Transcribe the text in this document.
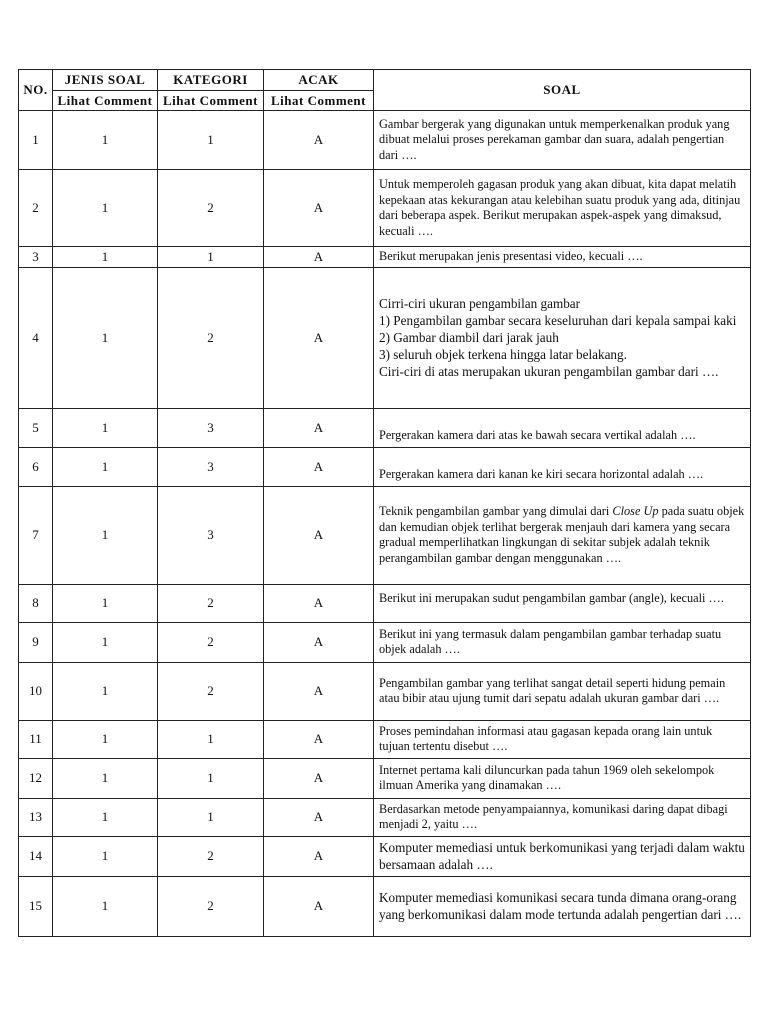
NO.	JENIS SOAL	KATEGORI	ACAK	SOAL
	Lihat Comment	Lihat Comment	Lihat Comment	
1	1	1	A	Gambar bergerak yang digunakan untuk memperkenalkan produk yang dibuat melalui proses perekaman gambar dan suara, adalah pengertian dari ….
2	1	2	A	Untuk memperoleh gagasan produk yang akan dibuat, kita dapat melatih kepekaan atas kekurangan atau kelebihan suatu produk yang ada, ditinjau dari beberapa aspek. Berikut merupakan aspek-aspek yang dimaksud, kecuali ….
3	1	1	A	Berikut merupakan jenis presentasi video, kecuali ….
4	1	2	A	Cirri-ciri ukuran pengambilan gambar
1) Pengambilan gambar secara keseluruhan dari kepala sampai kaki
2) Gambar diambil dari jarak jauh
3) seluruh objek terkena hingga latar belakang.
Ciri-ciri di atas merupakan ukuran pengambilan gambar dari ….

5	1	3	A	Pergerakan kamera dari atas ke bawah secara vertikal adalah ….
6	1	3	A	Pergerakan kamera dari kanan ke kiri secara horizontal adalah ….
7	1	3	A	Teknik pengambilan gambar yang dimulai dari Close Up pada suatu objek dan kemudian objek terlihat bergerak menjauh dari kamera yang secara gradual memperlihatkan lingkungan di sekitar subjek adalah teknik perangambilan gambar dengan menggunakan ….
8	1	2	A	Berikut ini merupakan sudut pengambilan gambar (angle), kecuali ….
9	1	2	A	Berikut ini yang termasuk dalam pengambilan gambar terhadap suatu objek adalah ….
10	1	2	A	Pengambilan gambar yang terlihat sangat detail seperti hidung pemain atau bibir atau ujung tumit dari sepatu adalah ukuran gambar dari ….
11	1	1	A	Proses pemindahan informasi atau gagasan kepada orang lain untuk tujuan tertentu disebut ….
12	1	1	A	Internet pertama kali diluncurkan pada tahun 1969 oleh sekelompok ilmuan Amerika yang dinamakan ….
13	1	1	A	Berdasarkan metode penyampaiannya, komunikasi daring dapat dibagi menjadi 2, yaitu ….
14	1	2	A	Komputer memediasi untuk berkomunikasi yang terjadi dalam waktu bersamaan adalah ….
15	1	2	A	Komputer memediasi komunikasi secara tunda dimana orang-orang yang berkomunikasi dalam mode tertunda adalah pengertian dari ….
